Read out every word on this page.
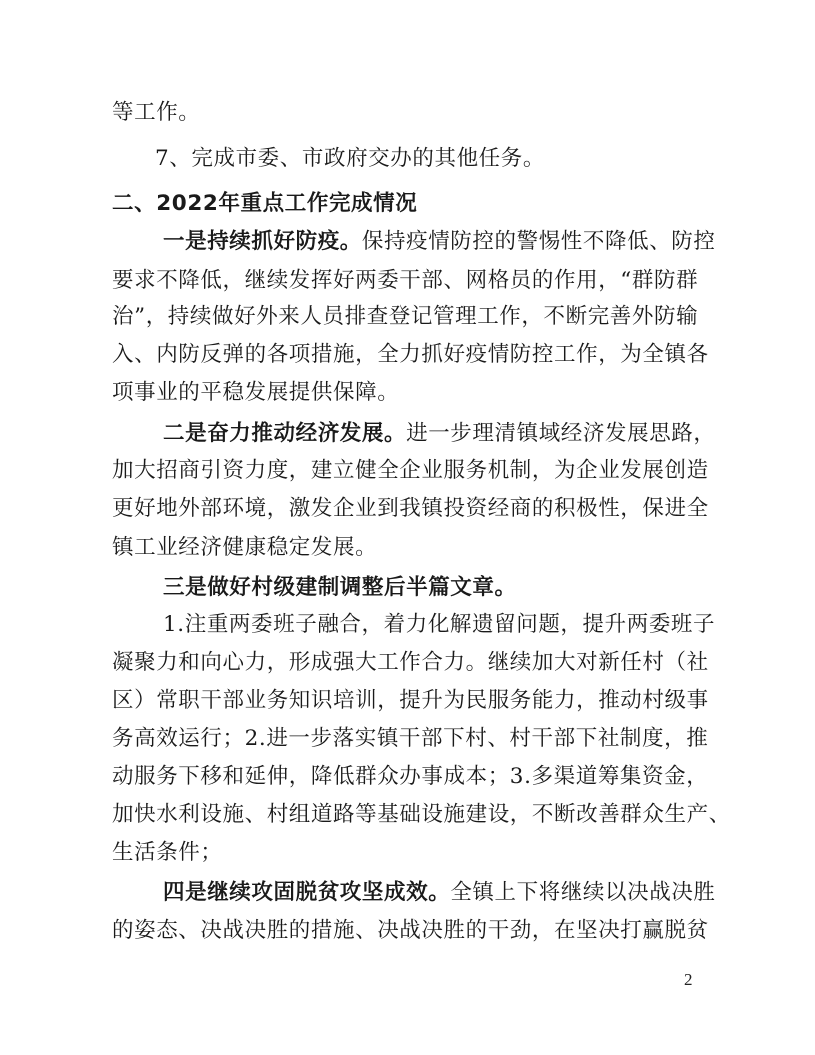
等工作。
7、完成市委、市政府交办的其他任务。
二、2022年重点工作完成情况
一是持续抓好防疫。保持疫情防控的警惕性不降低、防控
要求不降低，继续发挥好两委干部、网格员的作用，“群防群
治”，持续做好外来人员排查登记管理工作，不断完善外防输
入、内防反弹的各项措施，全力抓好疫情防控工作，为全镇各
项事业的平稳发展提供保障。
二是奋力推动经济发展。进一步理清镇域经济发展思路，
加大招商引资力度，建立健全企业服务机制，为企业发展创造
更好地外部环境，激发企业到我镇投资经商的积极性，保进全
镇工业经济健康稳定发展。
三是做好村级建制调整后半篇文章。
1.注重两委班子融合，着力化解遗留问题，提升两委班子
凝聚力和向心力，形成强大工作合力。继续加大对新任村（社
区）常职干部业务知识培训，提升为民服务能力，推动村级事
务高效运行；2.进一步落实镇干部下村、村干部下社制度，推
动服务下移和延伸，降低群众办事成本；3.多渠道筹集资金，
加快水利设施、村组道路等基础设施建设，不断改善群众生产、
生活条件；
四是继续攻固脱贫攻坚成效。全镇上下将继续以决战决胜
的姿态、决战决胜的措施、决战决胜的干劲，在坚决打赢脱贫
2
